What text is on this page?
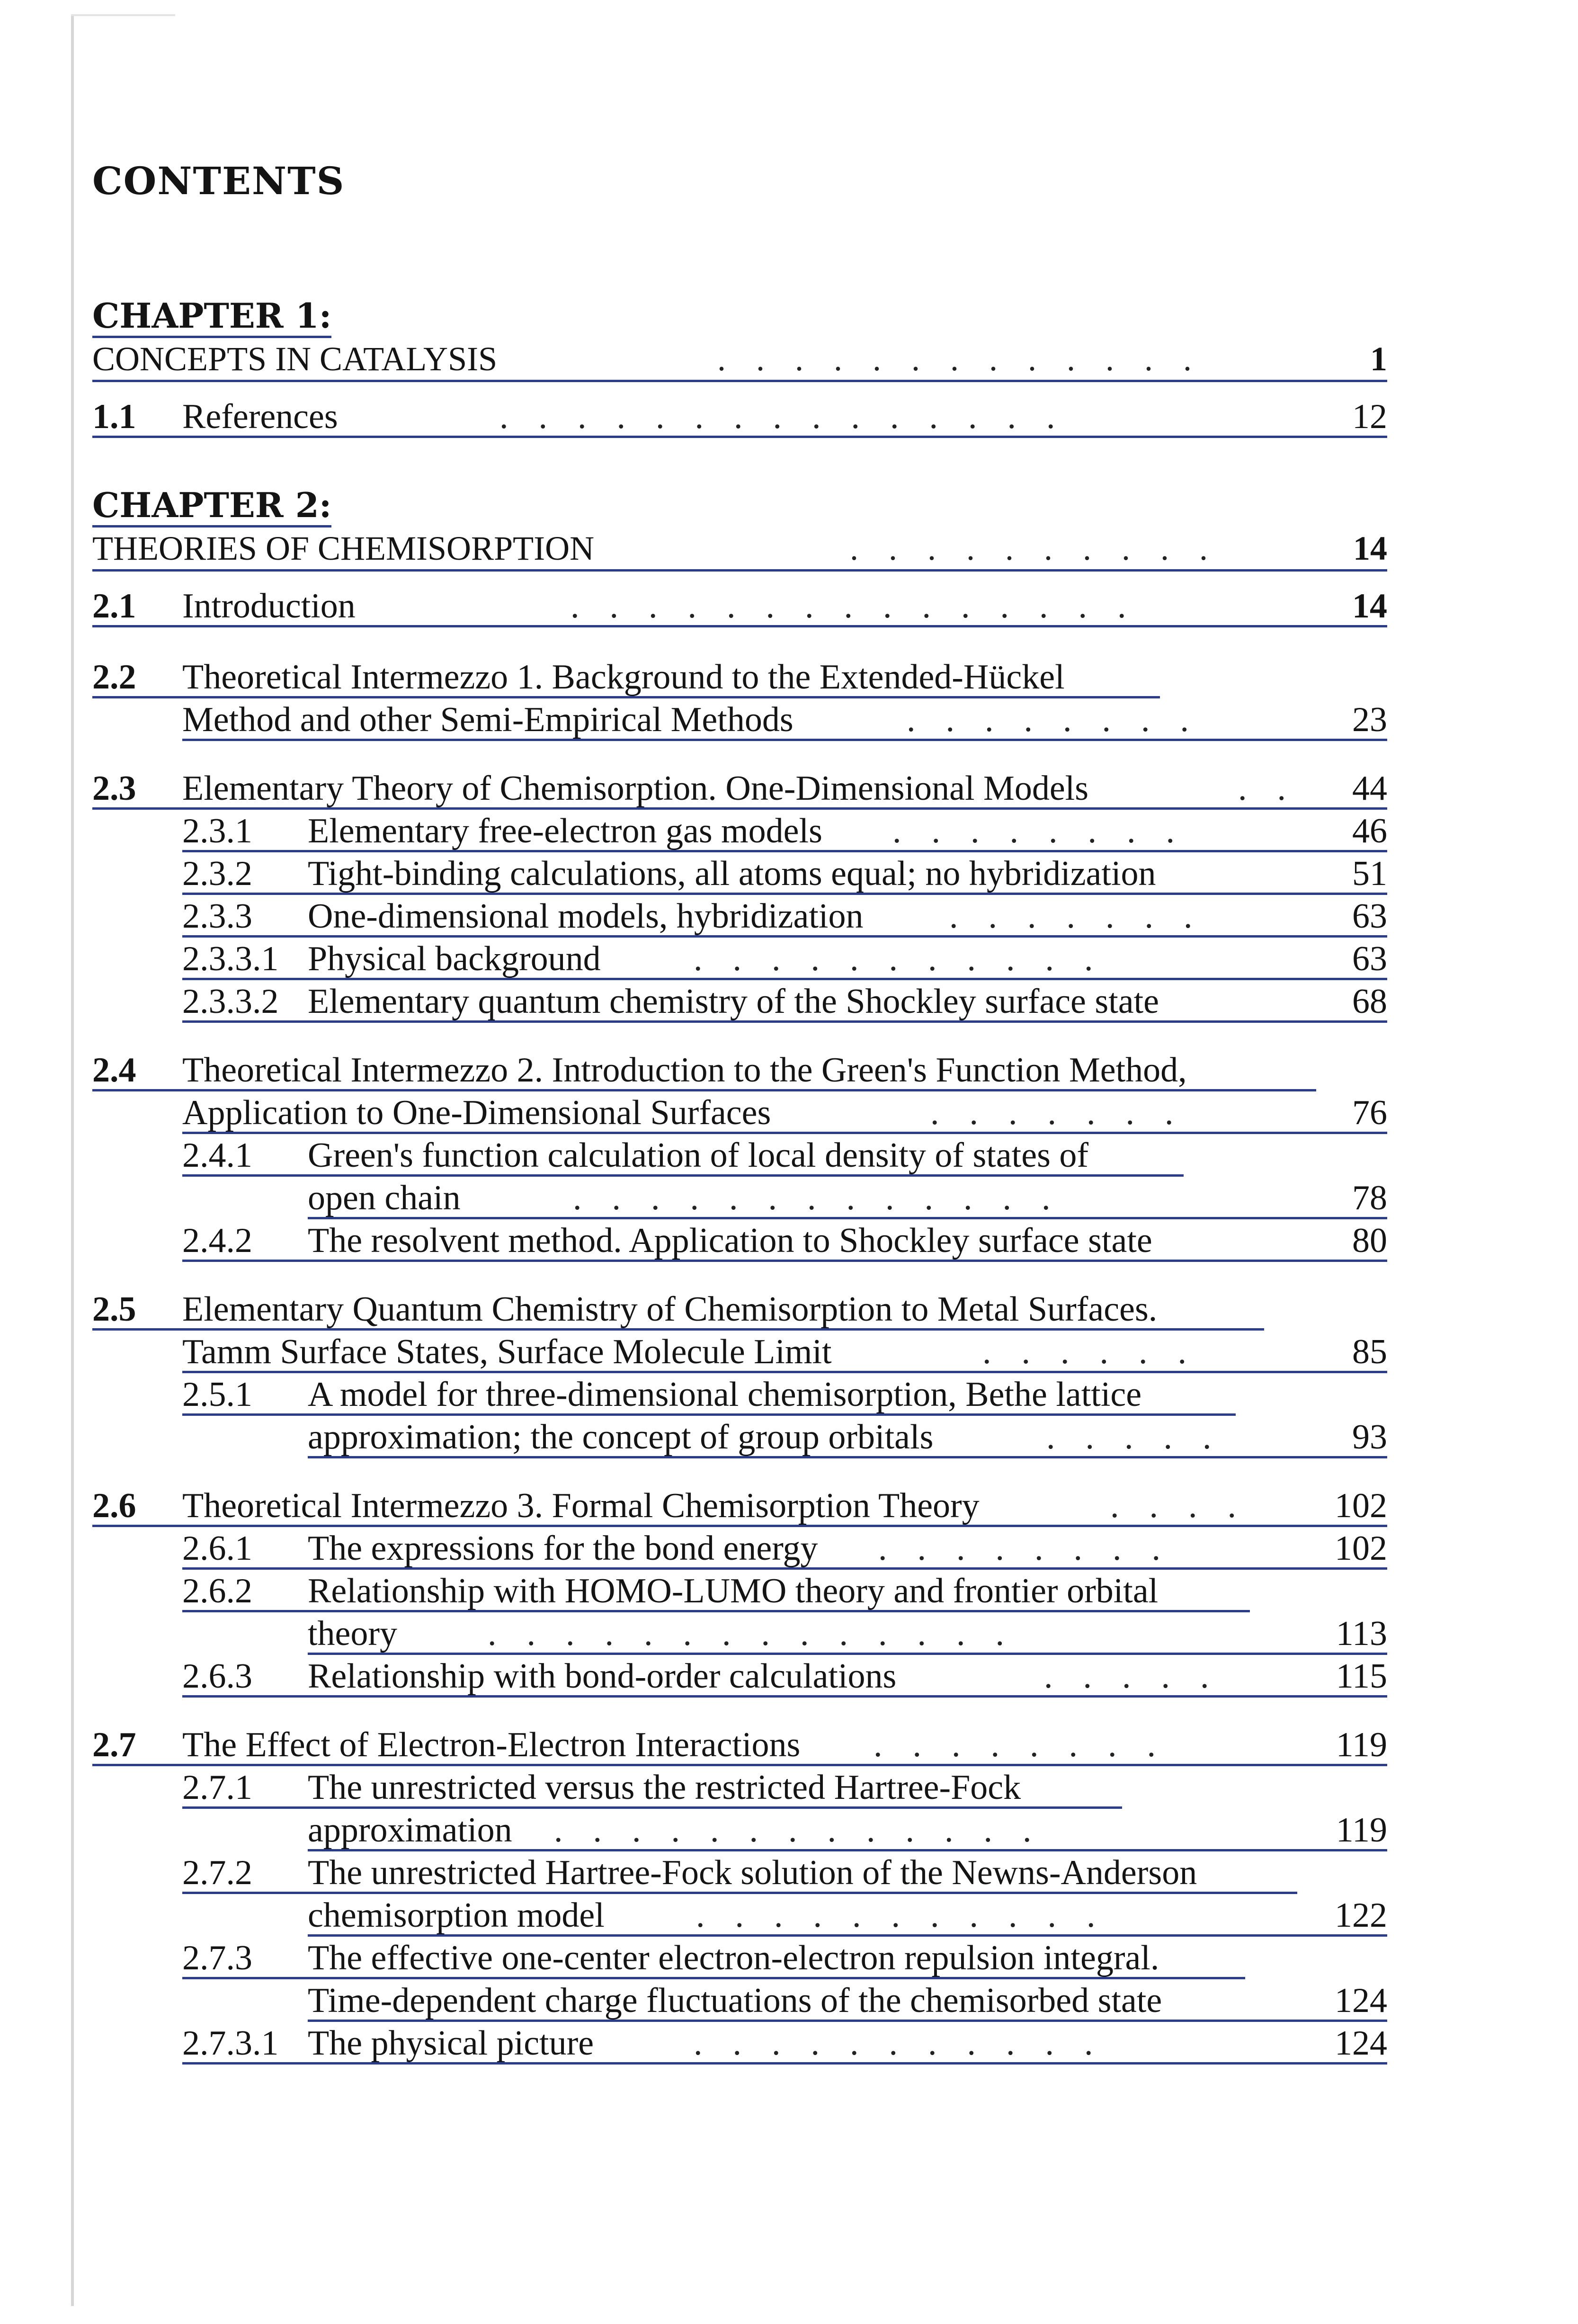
CONTENTS
CHAPTER 1:
CONCEPTS IN CATALYSIS	.............	1
CHAPTER 2:
THEORIES OF CHEMISORPTION	..........	14
1.1 References	...............	12
2.1 Introduction	...............	14
2.2 Theoretical Intermezzo 1. Background to the Extended-Hückel
Method and other Semi-Empirical Methods	........	23
2.3 Elementary Theory of Chemisorption. One-Dimensional Models	..	44
2.3.1 Elementary free-electron gas models ........	46
2.3.2 Tight-binding calculations, all atoms equal; no hybridization	51
2.3.3 One-dimensional models, hybridization .......	63
2.3.3.1 Physical background	...........	63
2.3.3.2 Elementary quantum chemistry of the Shockley surface state	68
2.4 Theoretical Intermezzo 2. Introduction to the Green's Function Method,
Application to One-Dimensional Surfaces	.......	76
2.4.1 Green's function calculation of local density of states of
open chain	.............	78
2.4.2 The resolvent method. Application to Shockley surface state	80
2.5 Elementary Quantum Chemistry of Chemisorption to Metal Surfaces.
Tamm Surface States, Surface Molecule Limit	......	85
2.5.1 A model for three-dimensional chemisorption, Bethe lattice
approximation; the concept of group orbitals	.....	93
2.6 Theoretical Intermezzo 3. Formal Chemisorption Theory	....	102
2.6.1 The expressions for the bond energy ........	102
2.6.2 Relationship with HOMO-LUMO theory and frontier orbital
theory	..............	113
2.6.3 Relationship with bond-order calculations	.....	115
2.7 The Effect of Electron-Electron Interactions ........	119
2.7.1 The unrestricted versus the restricted Hartree-Fock
approximation .............	119
2.7.2 The unrestricted Hartree-Fock solution of the Newns-Anderson
chemisorption model	...........	122
2.7.3 The effective one-center electron-electron repulsion integral.
Time-dependent charge fluctuations of the chemisorbed state	124
2.7.3.1 The physical picture	...........	124
